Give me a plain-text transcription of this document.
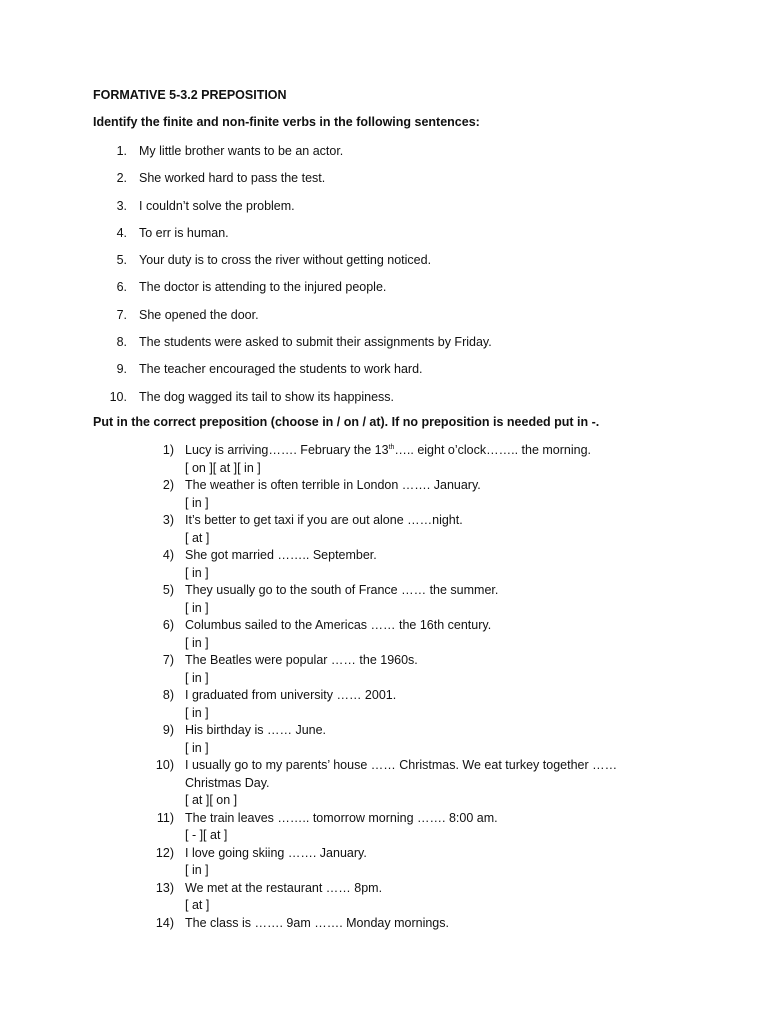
FORMATIVE 5-3.2 PREPOSITION
Identify the finite and non-finite verbs in the following sentences:
1. My little brother wants to be an actor.
2. She worked hard to pass the test.
3. I couldn’t solve the problem.
4. To err is human.
5. Your duty is to cross the river without getting noticed.
6. The doctor is attending to the injured people.
7. She opened the door.
8. The students were asked to submit their assignments by Friday.
9. The teacher encouraged the students to work hard.
10. The dog wagged its tail to show its happiness.
Put in the correct preposition (choose in / on / at). If no preposition is needed put in -.
1) Lucy is arriving……. February the 13th….. eight o’clock…….. the morning.
[ on ][ at ][ in ]
2) The weather is often terrible in London ……. January.
[ in ]
3) It’s better to get taxi if you are out alone ……night.
[ at ]
4) She got married …….. September.
[ in ]
5) They usually go to the south of France …… the summer.
[ in ]
6) Columbus sailed to the Americas …… the 16th century.
[ in ]
7) The Beatles were popular …… the 1960s.
[ in ]
8) I graduated from university …… 2001.
[ in ]
9) His birthday is …… June.
[ in ]
10) I usually go to my parents’ house …… Christmas. We eat turkey together …… Christmas Day.
[ at ][ on ]
11) The train leaves …….. tomorrow morning ……. 8:00 am.
[ - ][ at ]
12) I love going skiing ……. January.
[ in ]
13) We met at the restaurant …… 8pm.
[ at ]
14) The class is ……. 9am ……. Monday mornings.
